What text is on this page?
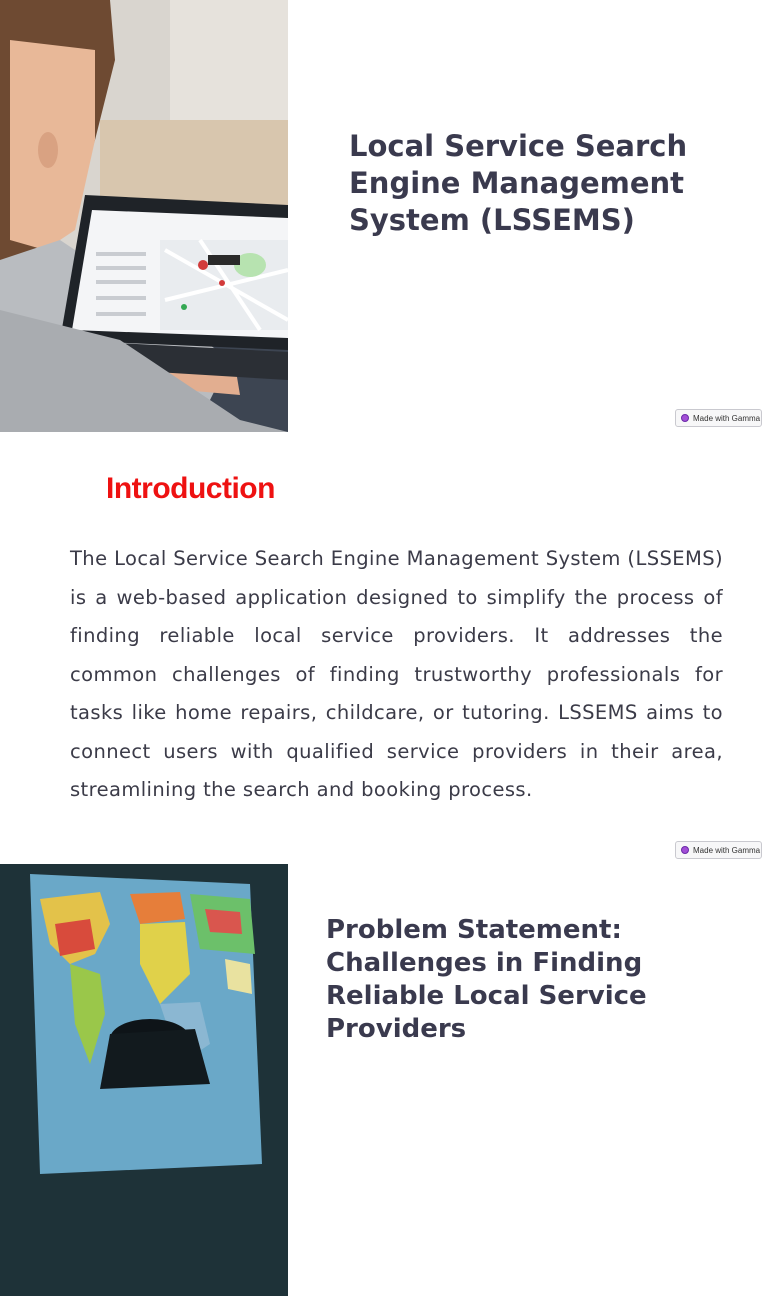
Local Service Search Engine Management System (LSSEMS)
Made with Gamma
Introduction

The Local Service Search Engine Management System (LSSEMS) is a web-based application designed to simplify the process of finding reliable local service providers. It addresses the common challenges of finding trustworthy professionals for tasks like home repairs, childcare, or tutoring. LSSEMS aims to connect users with qualified service providers in their area, streamlining the search and booking process.

Made with Gamma
Problem Statement: Challenges in Finding Reliable Local Service Providers
